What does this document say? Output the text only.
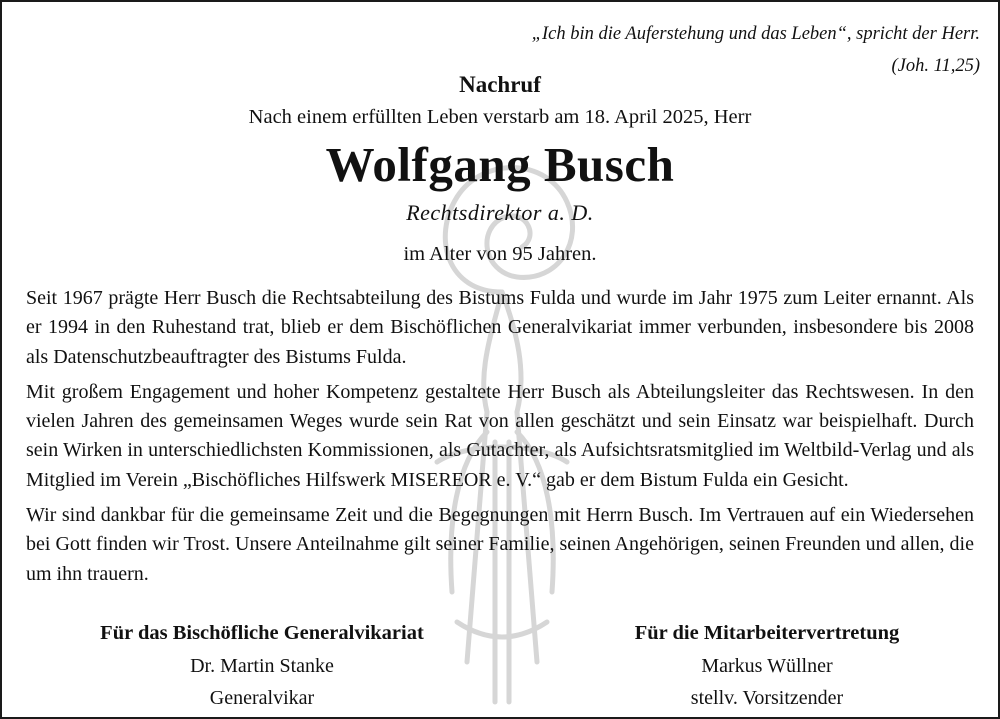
„Ich bin die Auferstehung und das Leben“, spricht der Herr.
(Joh. 11,25)
Nachruf
Nach einem erfüllten Leben verstarb am 18. April 2025, Herr
Wolfgang Busch
Rechtsdirektor a. D.
im Alter von 95 Jahren.

Seit 1967 prägte Herr Busch die Rechtsabteilung des Bistums Fulda und wurde im Jahr 1975 zum Leiter ernannt. Als er 1994 in den Ruhestand trat, blieb er dem Bischöflichen Generalvikariat immer verbunden, insbesondere bis 2008 als Datenschutzbeauftragter des Bistums Fulda.

Mit großem Engagement und hoher Kompetenz gestaltete Herr Busch als Abteilungsleiter das Rechtswesen. In den vielen Jahren des gemeinsamen Weges wurde sein Rat von allen geschätzt und sein Einsatz war beispielhaft. Durch sein Wirken in unterschiedlichsten Kommissionen, als Gutachter, als Aufsichtsratsmitglied im Weltbild-Verlag und als Mitglied im Verein „Bischöfliches Hilfswerk MISEREOR e. V.“ gab er dem Bistum Fulda ein Gesicht.

Wir sind dankbar für die gemeinsame Zeit und die Begegnungen mit Herrn Busch. Im Vertrauen auf ein Wiedersehen bei Gott finden wir Trost. Unsere Anteilnahme gilt seiner Familie, seinen Angehörigen, seinen Freunden und allen, die um ihn trauern.

Für das Bischöfliche Generalvikariat
Dr. Martin Stanke
Generalvikar
Für die Mitarbeitervertretung
Markus Wüllner
stellv. Vorsitzender
